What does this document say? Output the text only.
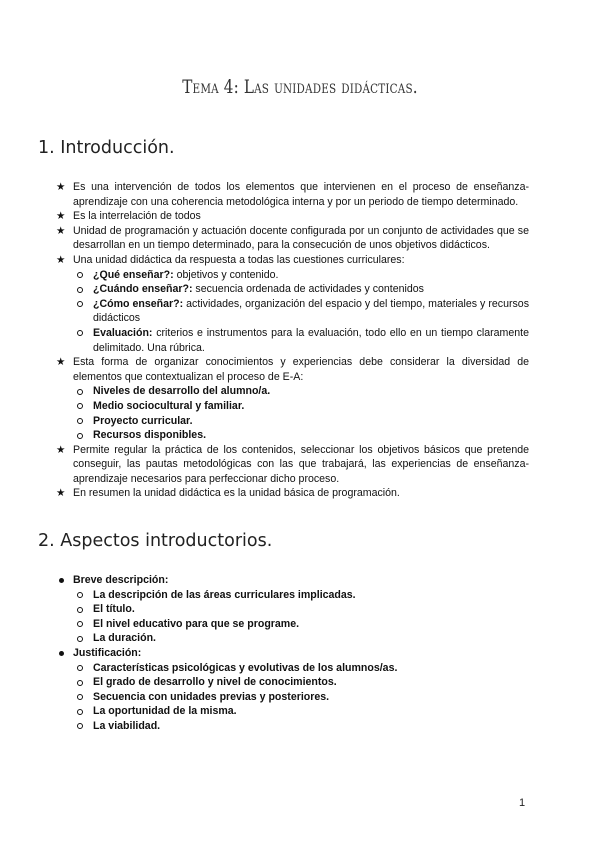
Tema 4: Las unidades didácticas.
1. Introducción.
★ Es una intervención de todos los elementos que intervienen en el proceso de enseñanza-aprendizaje con una coherencia metodológica interna y por un periodo de tiempo determinado.
★ Es la interrelación de todos
★ Unidad de programación y actuación docente configurada por un conjunto de actividades que se desarrollan en un tiempo determinado, para la consecución de unos objetivos didácticos.
★ Una unidad didáctica da respuesta a todas las cuestiones curriculares:
¿Qué enseñar?: objetivos y contenido.
¿Cuándo enseñar?: secuencia ordenada de actividades y contenidos
¿Cómo enseñar?: actividades, organización del espacio y del tiempo, materiales y recursos didácticos
Evaluación: criterios e instrumentos para la evaluación, todo ello en un tiempo claramente delimitado. Una rúbrica.
★ Esta forma de organizar conocimientos y experiencias debe considerar la diversidad de elementos que contextualizan el proceso de E-A:
Niveles de desarrollo del alumno/a.
Medio sociocultural y familiar.
Proyecto curricular.
Recursos disponibles.
★ Permite regular la práctica de los contenidos, seleccionar los objetivos básicos que pretende conseguir, las pautas metodológicas con las que trabajará, las experiencias de enseñanza-aprendizaje necesarios para perfeccionar dicho proceso.
★ En resumen la unidad didáctica es la unidad básica de programación.
2. Aspectos introductorios.
Breve descripción:
La descripción de las áreas curriculares implicadas.
El título.
El nivel educativo para que se programe.
La duración.
Justificación:
Características psicológicas y evolutivas de los alumnos/as.
El grado de desarrollo y nivel de conocimientos.
Secuencia con unidades previas y posteriores.
La oportunidad de la misma.
La viabilidad.
1
